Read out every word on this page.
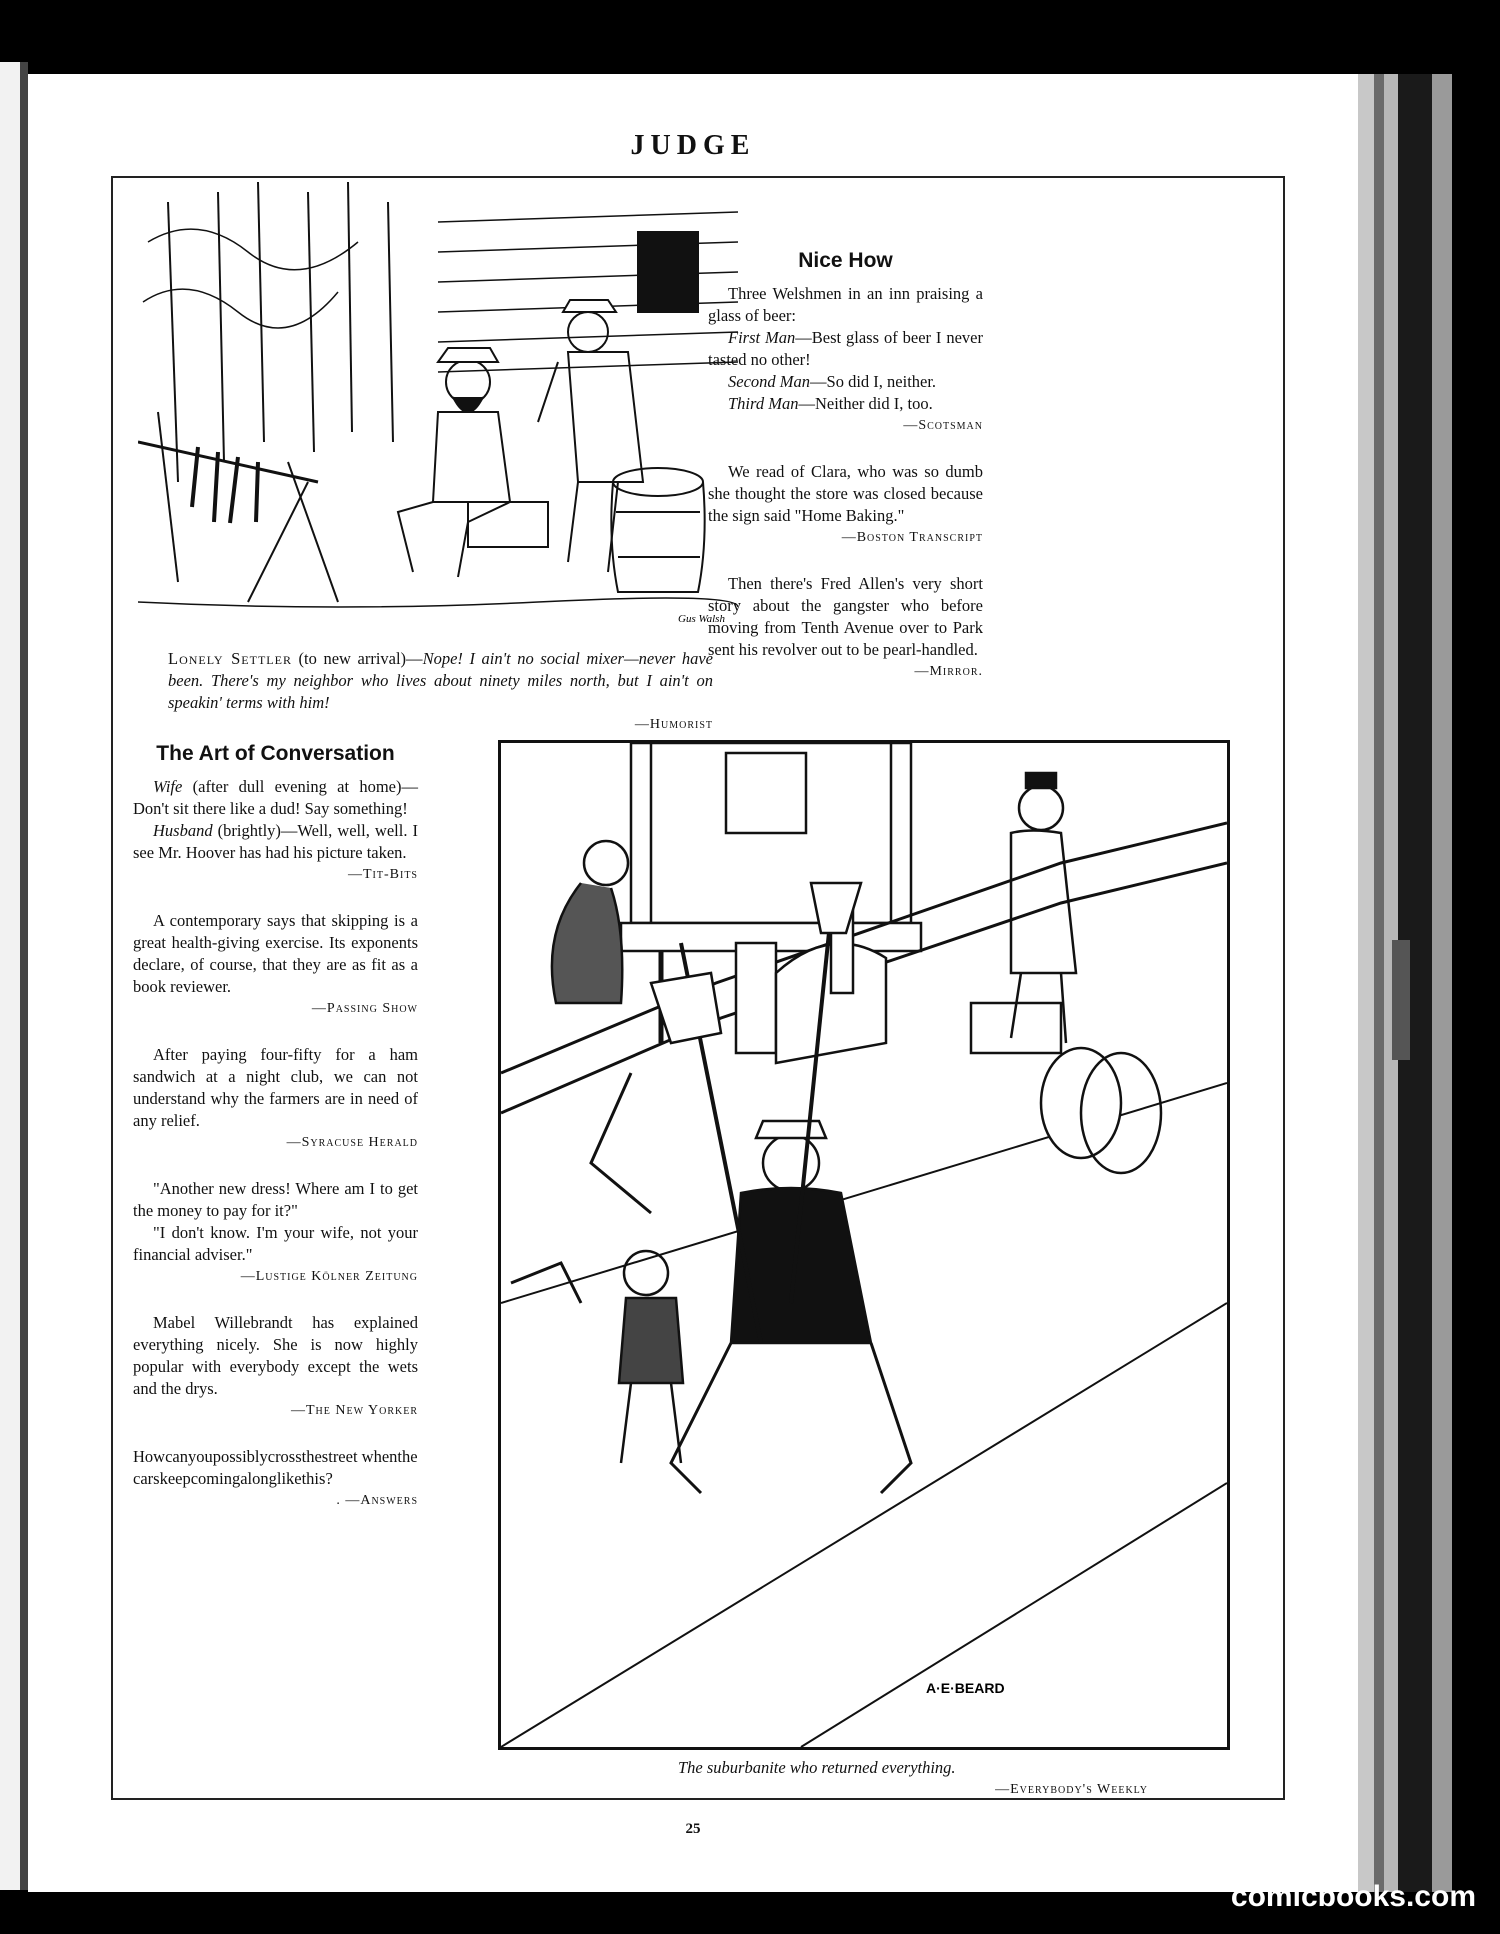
JUDGE
Gus Walsh
Lonely Settler (to new arrival)—Nope! I ain't no social mixer—never have been. There's my neighbor who lives about ninety miles north, but I ain't on speakin' terms with him!
—Humorist
Nice How

Three Welshmen in an inn praising a glass of beer:

First Man—Best glass of beer I never tasted no other!

Second Man—So did I, neither.

Third Man—Neither did I, too.

—Scotsman

We read of Clara, who was so dumb she thought the store was closed because the sign said "Home Baking."

—Boston Transcript

Then there's Fred Allen's very short story about the gangster who before moving from Tenth Avenue over to Park sent his revolver out to be pearl-handled.

—Mirror.
The Art of Conversation

Wife (after dull evening at home)—Don't sit there like a dud! Say something!

Husband (brightly)—Well, well, well. I see Mr. Hoover has had his picture taken.

—Tit-Bits

A contemporary says that skipping is a great health-giving exercise. Its exponents declare, of course, that they are as fit as a book reviewer.

—Passing Show

After paying four-fifty for a ham sandwich at a night club, we can not understand why the farmers are in need of any relief.

—Syracuse Herald

"Another new dress! Where am I to get the money to pay for it?"

"I don't know. I'm your wife, not your financial adviser."

—Lustige Kölner Zeitung

Mabel Willebrandt has explained everything nicely. She is now highly popular with everybody except the wets and the drys.

—The New Yorker

Howcanyoupossiblycrossthestreet whenthecarskeepcomingalonglikethis?

. —Answers
A·E·BEARD
The suburbanite who returned everything.
—Everybody's Weekly
25
comicbooks.com
